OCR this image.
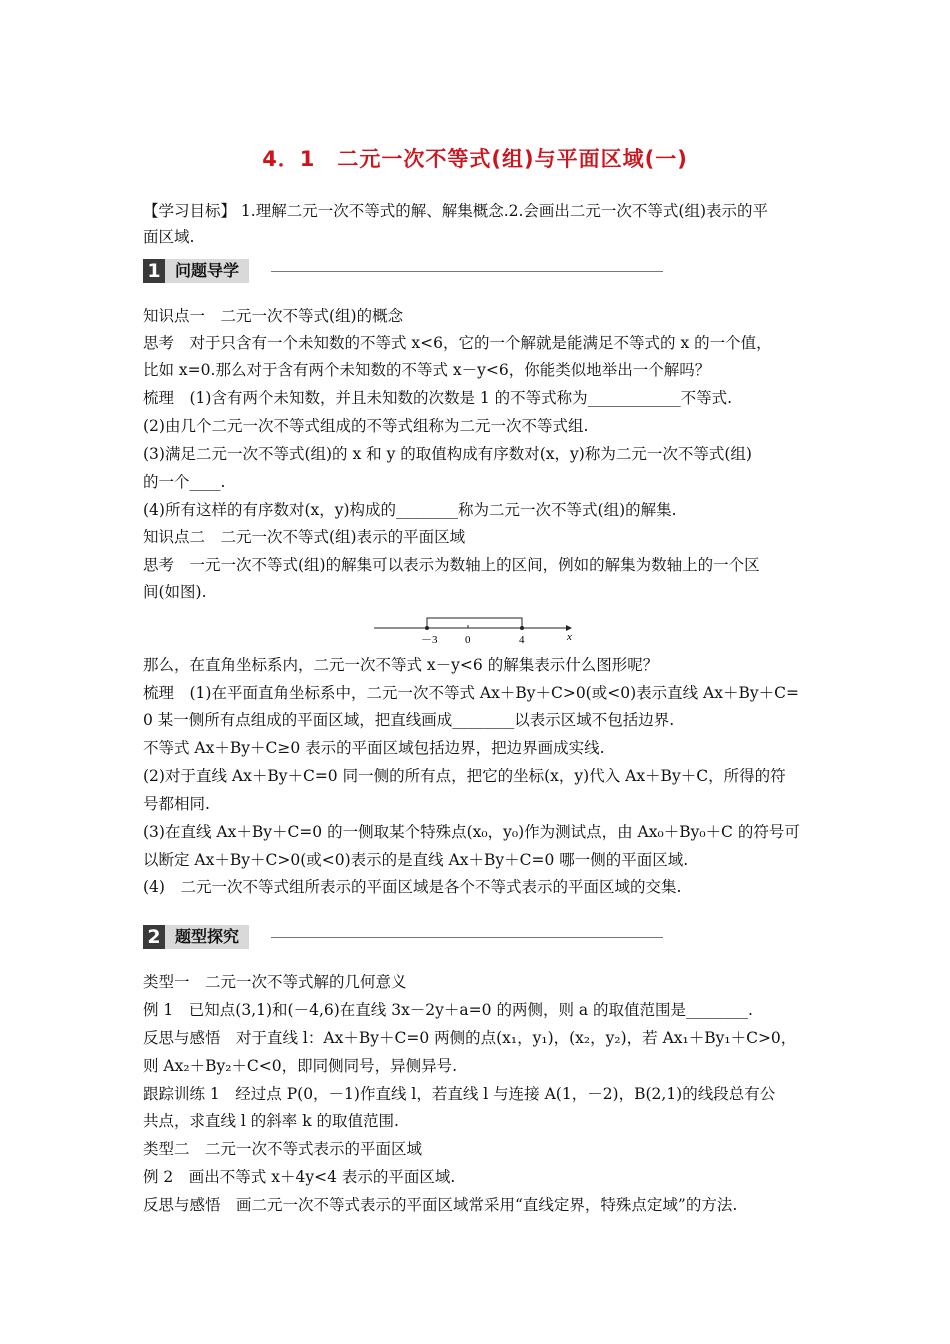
4．1　二元一次不等式(组)与平面区域(一)
【学习目标】 1.理解二元一次不等式的解、解集概念.2.会画出二元一次不等式(组)表示的平
面区域.
1 问题导学
知识点一　二元一次不等式(组)的概念
思考　对于只含有一个未知数的不等式 x<6，它的一个解就是能满足不等式的 x 的一个值，
比如 x=0.那么对于含有两个未知数的不等式 x－y<6，你能类似地举出一个解吗？
梳理　(1)含有两个未知数，并且未知数的次数是 1 的不等式称为____________不等式.
(2)由几个二元一次不等式组成的不等式组称为二元一次不等式组.
(3)满足二元一次不等式(组)的 x 和 y 的取值构成有序数对(x，y)称为二元一次不等式(组)
的一个____.
(4)所有这样的有序数对(x，y)构成的________称为二元一次不等式(组)的解集.
知识点二　二元一次不等式(组)表示的平面区域
思考　一元一次不等式(组)的解集可以表示为数轴上的区间，例如的解集为数轴上的一个区
间(如图).
－3	0	4	x
那么，在直角坐标系内，二元一次不等式 x－y<6 的解集表示什么图形呢？
梳理　(1)在平面直角坐标系中，二元一次不等式 Ax＋By＋C>0(或<0)表示直线 Ax＋By＋C=
0 某一侧所有点组成的平面区域，把直线画成________以表示区域不包括边界.
不等式 Ax＋By＋C≥0 表示的平面区域包括边界，把边界画成实线.
(2)对于直线 Ax＋By＋C=0 同一侧的所有点，把它的坐标(x，y)代入 Ax＋By＋C，所得的符
号都相同.
(3)在直线 Ax＋By＋C=0 的一侧取某个特殊点(x₀，y₀)作为测试点，由 Ax₀＋By₀＋C 的符号可
以断定 Ax＋By＋C>0(或<0)表示的是直线 Ax＋By＋C=0 哪一侧的平面区域.
(4)　二元一次不等式组所表示的平面区域是各个不等式表示的平面区域的交集.
2 题型探究
类型一　二元一次不等式解的几何意义
例 1　已知点(3,1)和(－4,6)在直线 3x－2y＋a=0 的两侧，则 a 的取值范围是________.
反思与感悟　对于直线 l：Ax＋By＋C=0 两侧的点(x₁，y₁)，(x₂，y₂)，若 Ax₁＋By₁＋C>0，
则 Ax₂＋By₂＋C<0，即同侧同号，异侧异号.
跟踪训练 1　经过点 P(0，－1)作直线 l，若直线 l 与连接 A(1，－2)，B(2,1)的线段总有公
共点，求直线 l 的斜率 k 的取值范围.
类型二　二元一次不等式表示的平面区域
例 2　画出不等式 x＋4y<4 表示的平面区域.
反思与感悟　画二元一次不等式表示的平面区域常采用“直线定界，特殊点定域”的方法.
